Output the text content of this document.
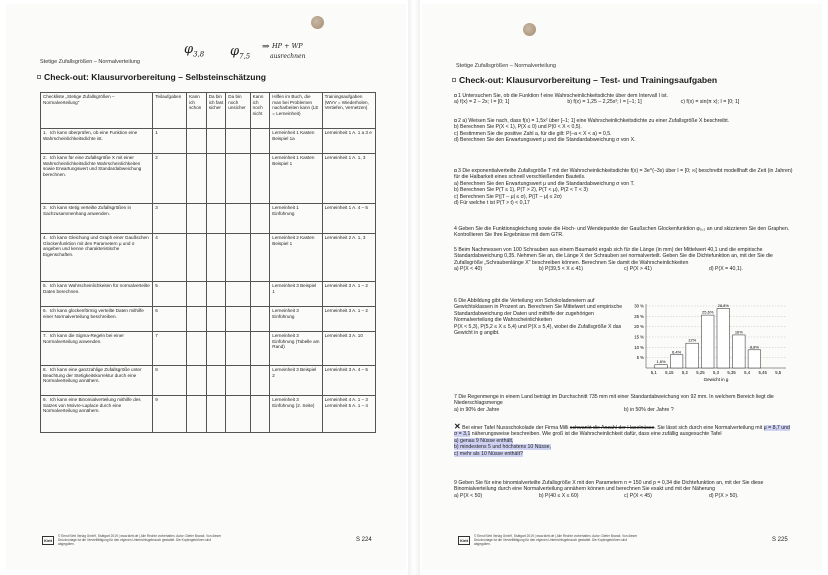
$\varphi_{3,8}$ $\varphi_{7,5}$
⇒ HP + WP
ausrechnen
Stetige Zufallsgrößen – Normalverteilung
Check-out: Klausurvorbereitung – Selbsteinschätzung
Checkliste „Stetige Zufallsgrößen – Normalverteilung"	Teilaufgaben	Kann ich schon	Da bin ich fast sicher	Da bin noch unsicher	Kann ich noch nicht	Hilfen im Buch, die man bei Problemen nacharbeiten kann (LE = Lerneinheit)	Trainingsaufgaben (WVV = Wiederholen, Vertiefen, Vernetzen)
1. Ich kann überprüfen, ob eine Funktion eine Wahrscheinlichkeitsdichte ist.	1					Lerneinheit 1 Kasten Beispiel 1a	Lerneinheit 1 A. 1 a 3 e
2. Ich kann für eine Zufallsgröße X mit einer Wahrscheinlichkeitsdichte Wahrscheinlichkeiten sowie Erwartungswert und Standardabweichung berechnen.	2					Lerneinheit 1 Kasten Beispiel 1	Lerneinheit 1 A. 1, 3
3. Ich kann stetig verteilte Zufallsgrößen in Sachzusammenhang anwenden.	3					Lerneinheit 1 Einführung	Lerneinheit 1 A. 4 – 5
4. Ich kann Gleichung und Graph einer Gaußschen Glockenfunktion mit den Parametern μ und σ angeben und kenne charakteristische Eigenschaften.	4					Lerneinheit 2 Kasten Beispiel 1	Lerneinheit 2 A. 1, 3
5. Ich kann Wahrscheinlichkeiten für normalverteilte Daten berechnen.	5					Lerneinheit 3 Beispiel 1	Lerneinheit 3 A. 1 – 2
6. Ich kann glockenförmig verteilte Daten mithilfe einer Normalverteilung beschreiben.	6					Lerneinheit 3 Einführung	Lerneinheit 3 A. 1 – 2
7. Ich kann die Sigma-Regeln bei einer Normalverteilung anwenden.	7					Lerneinheit 3 Einführung (Tabelle am Rand)	Lerneinheit 3 A. 10
8. Ich kann eine ganzzahlige Zufallsgröße unter Beachtung der Stetigkeitskorrektur durch eine Normalverteilung annähern.	8					Lerneinheit 3 Beispiel 2	Lerneinheit 3 A. 4 – 5
9. Ich kann eine Binomialverteilung mithilfe des Satzes von Moivre-Laplace durch eine Normalverteilung annähern.	9					Lerneinheit 3 Einführung (2. Seite)	Lerneinheit 4 A. 1 – 3 Lerneinheit 5 A. 1 – 4
Klett
© Ernst Klett Verlag GmbH, Stuttgart 2019 | www.klett.de | Alle Rechte vorbehalten. Autor: Dieter Brandt. Von dieser Druckvorlage ist die Vervielfältigung für den eigenen Unterrichtsgebrauch gestattet. Die Kopiergebühren sind abgegolten.
S 224
Stetige Zufallsgrößen – Normalverteilung
Check-out: Klausurvorbereitung – Test- und Trainingsaufgaben
1 Untersuchen Sie, ob die Funktion f eine Wahrscheinlichkeitsdichte über dem Intervall I ist.
a) f(x) = 2 – 2x; I = [0; 1]	b) f(x) = 1,25 – 2,25x²; I = [–1; 1]	c) f(x) = sin(π x); I = [0; 1]
2 a) Weisen Sie nach, dass f(x) = 1,5x² über [–1; 1] eine Wahrscheinlichkeitsdichte zu einer Zufallsgröße X beschreibt.
b) Berechnen Sie P(X < 1), P(X ≤ 0) und P(0 < X < 0,5).
c) Bestimmen Sie die positive Zahl a, für die gilt: P(–a < X < a) = 0,5.
d) Berechnen Sie den Erwartungswert μ und die Standardabweichung σ von X.
3 Die exponentialverteilte Zufallsgröße T mit der Wahrscheinlichkeitsdichte f(x) = 3e^(–3x) über I = [0; ∞[ beschreibt modellhaft die Zeit (in Jahren) für die Halbarkeit eines schnell verschleißenden Bauteils.
a) Berechnen Sie den Erwartungswert μ und die Standardabweichung σ von T.
b) Berechnen Sie P(T ≤ 1), P(T > 2), P(T < μ), P(2 < T < 3)
c) Berechnen Sie P(|T – μ| ≤ σ), P(|T – μ| ≤ 2σ)
d) Für welche t ist P(T > t) < 0,17
4 Geben Sie die Funktionsgleichung sowie die Hoch- und Wendepunkte der Gaußschen Glockenfunktion φ₅,₂ an und skizzieren Sie den Graphen. Kontrollieren Sie Ihre Ergebnisse mit dem GTR.
5 Beim Nachmessen von 100 Schrauben aus einem Baumarkt ergab sich für die Länge (in mm) der Mittelwert 40,1 und die empirische Standardabweichung 0,35. Nehmen Sie an, die Länge X der Schrauben sei normalverteilt. Geben Sie die Dichtefunktion an, mit der Sie die Zufallsgröße „Schraubenlänge X" beschreiben können. Berechnen Sie damit die Wahrscheinlichkeiten
a) P(X < 40)	b) P(39,5 < X ≤ 41)	c) P(X > 41)	d) P(X = 40,1).
6 Die Abbildung gibt die Verteilung von Schokoladeneiern auf Gewichtsklassen in Prozent an. Berechnen Sie Mittelwert und empirische Standardabweichung der Daten und mithilfe der zugehörigen Normalverteilung die Wahrscheinlichkeiten
P(X < 5,3), P(5,2 ≤ X ≤ 5,4) und P(X ≥ 5,4), wobei die Zufallsgröße X das Gewicht in g angibt.
30 %
25 %
20 %
15 %
10 %
5 %
5,1 5,15 5,2 5,25 5,3 5,35 5,4 5,45 5,5
1,6%
6,4%
12%
25,6%
28,8%
16%
8,8%
Gewicht in g
7 Die Regenmenge in einem Land beträgt im Durchschnitt 735 mm mit einer Standardabweichung von 92 mm. In welchem Bereich liegt die Niederschlagsmenge
a) in 90% der Jahre	b) in 50% der Jahre ?
✕ Bei einer Tafel Nussschokolade der Firma Milli schwankt die Anzahl der Haselnüsse. Sie lässt sich durch eine Normalverteilung mit μ = 8,7 und σ = 3,1 näherungsweise beschreiben. Wie groß ist die Wahrscheinlichkeit dafür, dass eine zufällig ausgesuchte Tafel
a) genau 9 Nüsse enthält,
b) mindestens 5 und höchstens 10 Nüsse,
c) mehr als 10 Nüsse enthält?
9 Geben Sie für eine binomialverteilte Zufallsgröße X mit den Parametern n = 150 und p = 0,34 die Dichtefunktion an, mit der Sie diese Binomialverteilung durch eine Normalverteilung annähern können und berechnen Sie exakt und mit der Näherung
a) P(X < 50)	b) P(40 ≤ X ≤ 60)	c) P(X < 45)	d) P(X > 50).
Klett
© Ernst Klett Verlag GmbH, Stuttgart 2019 | www.klett.de | Alle Rechte vorbehalten. Autor: Dieter Brandt. Von dieser Druckvorlage ist die Vervielfältigung für den eigenen Unterrichtsgebrauch gestattet. Die Kopiergebühren sind abgegolten.
S 225
